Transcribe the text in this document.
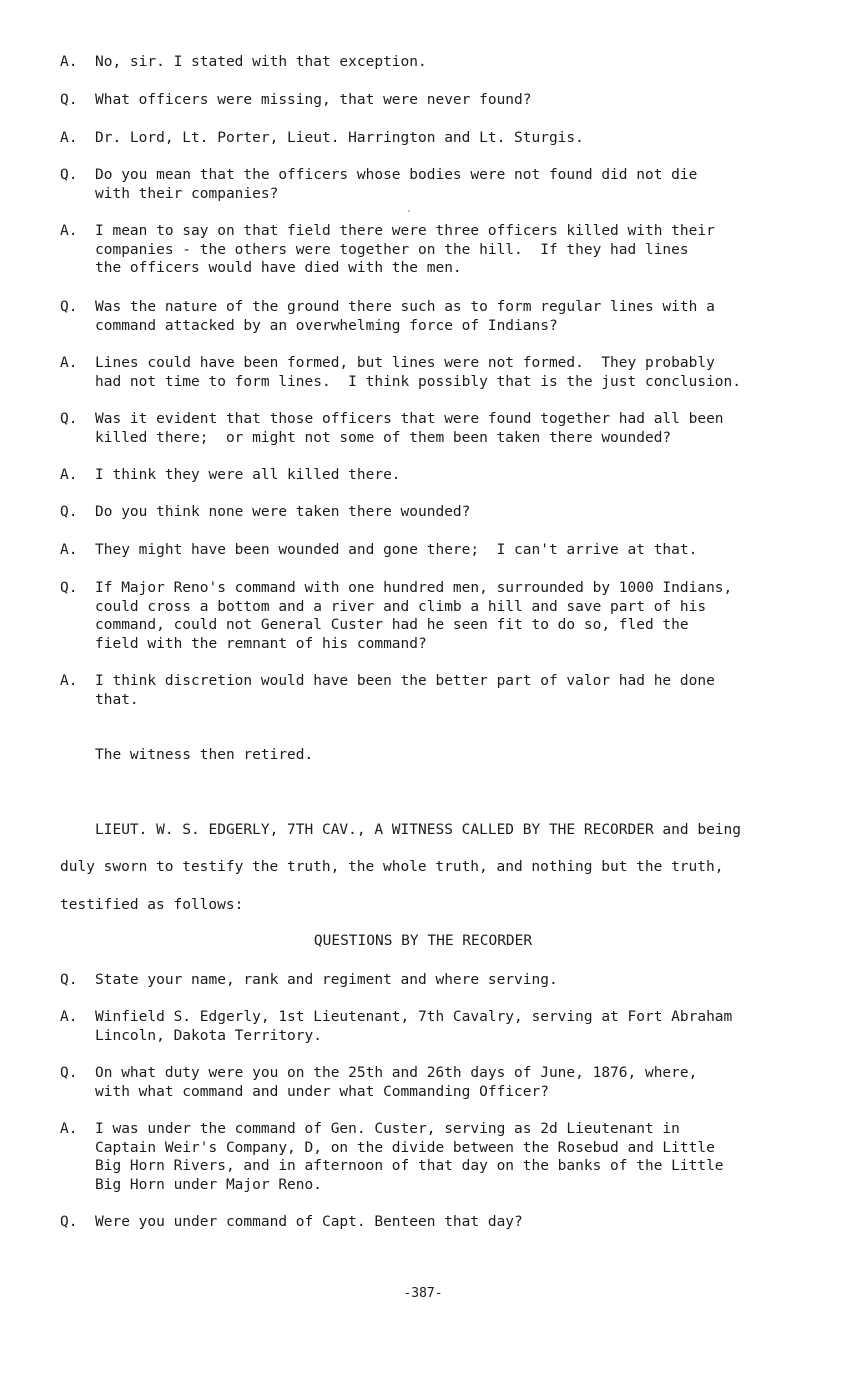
A.	No, sir. I stated with that exception.
Q.	What officers were missing, that were never found?
A.	Dr. Lord, Lt. Porter, Lieut. Harrington and Lt. Sturgis.
Q.	Do you mean that the officers whose bodies were not found did not die
with their companies?
A.	I mean to say on that field there were three officers killed with their
companies - the others were together on the hill.  If they had lines
the officers would have died with the men.
Q.	Was the nature of the ground there such as to form regular lines with a
command attacked by an overwhelming force of Indians?
A.	Lines could have been formed, but lines were not formed.  They probably
had not time to form lines.  I think possibly that is the just conclusion.
Q.	Was it evident that those officers that were found together had all been
killed there;  or might not some of them been taken there wounded?
A.	I think they were all killed there.
Q.	Do you think none were taken there wounded?
A.	They might have been wounded and gone there;  I can't arrive at that.
Q.	If Major Reno's command with one hundred men, surrounded by 1000 Indians,
could cross a bottom and a river and climb a hill and save part of his
command, could not General Custer had he seen fit to do so, fled the
field with the remnant of his command?
A.	I think discretion would have been the better part of valor had he done
that.
The witness then retired.
LIEUT. W. S. EDGERLY, 7TH CAV., A WITNESS CALLED BY THE RECORDER and being
duly sworn to testify the truth, the whole truth, and nothing but the truth,
testified as follows:
QUESTIONS BY THE RECORDER
Q.	State your name, rank and regiment and where serving.
A.	Winfield S. Edgerly, 1st Lieutenant, 7th Cavalry, serving at Fort Abraham
Lincoln, Dakota Territory.
Q.	On what duty were you on the 25th and 26th days of June, 1876, where,
with what command and under what Commanding Officer?
A.	I was under the command of Gen. Custer, serving as 2d Lieutenant in
Captain Weir's Company, D, on the divide between the Rosebud and Little
Big Horn Rivers, and in afternoon of that day on the banks of the Little
Big Horn under Major Reno.
Q.	Were you under command of Capt. Benteen that day?
-387-
